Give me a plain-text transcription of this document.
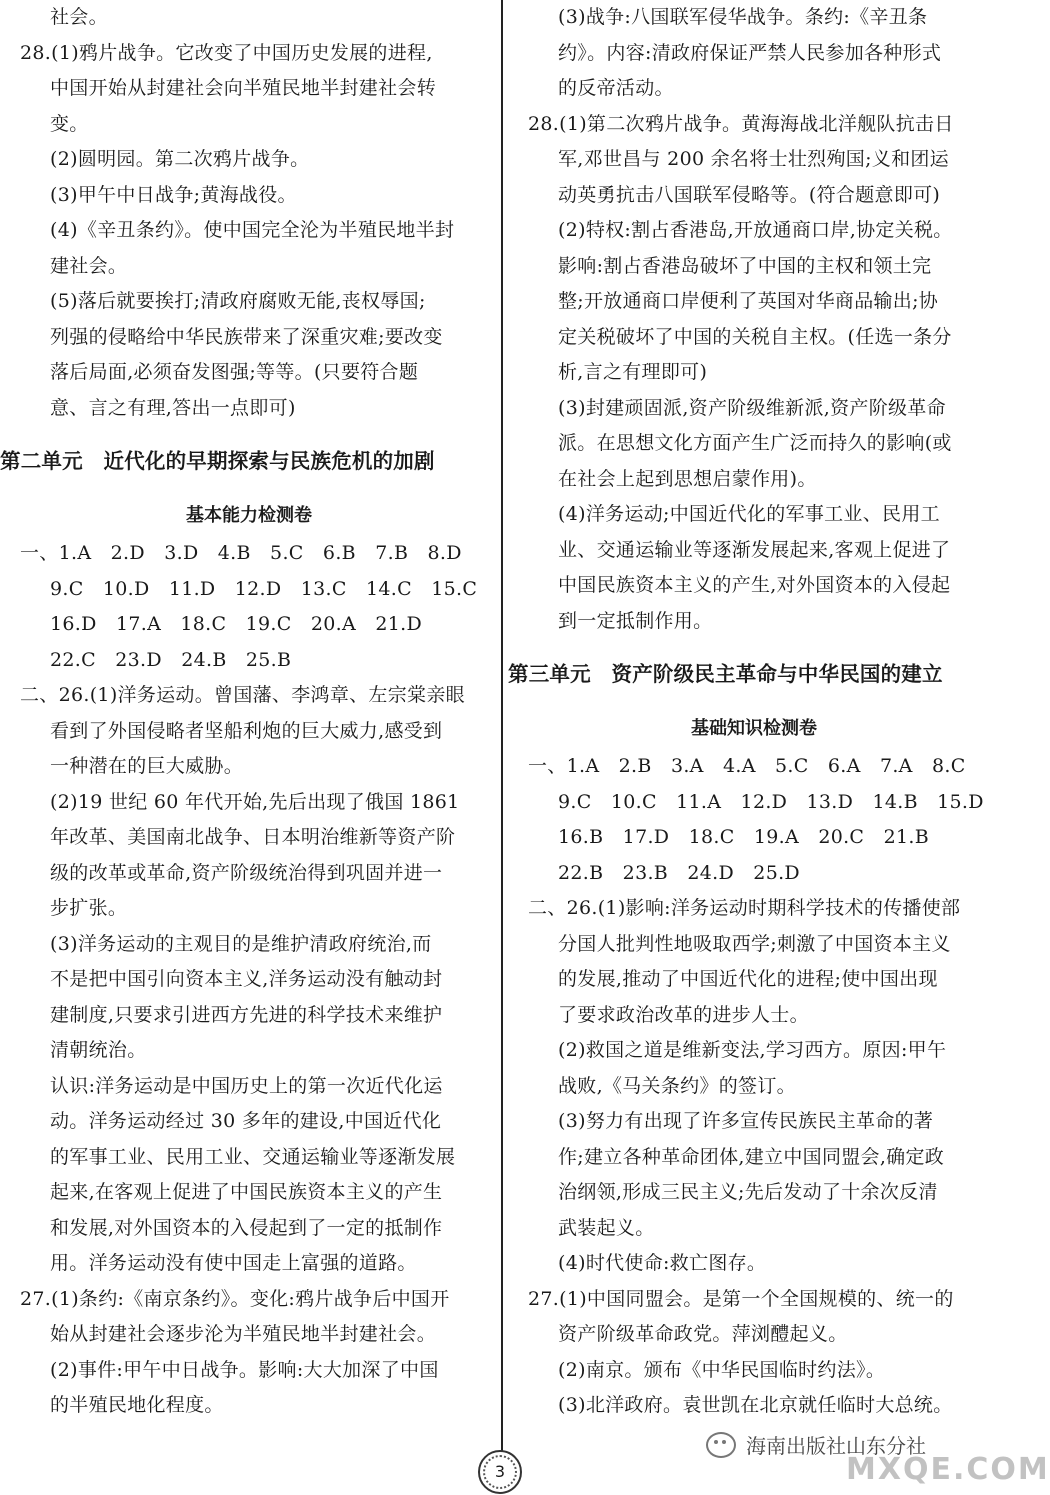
社会。
28.(1)鸦片战争。它改变了中国历史发展的进程,
中国开始从封建社会向半殖民地半封建社会转
变。
(2)圆明园。第二次鸦片战争。
(3)甲午中日战争;黄海战役。
(4)《辛丑条约》。使中国完全沦为半殖民地半封
建社会。
(5)落后就要挨打;清政府腐败无能,丧权辱国;
列强的侵略给中华民族带来了深重灾难;要改变
落后局面,必须奋发图强;等等。(只要符合题
意、言之有理,答出一点即可)
第二单元　近代化的早期探索与民族危机的加剧
基本能力检测卷
一、1.A　2.D　3.D　4.B　5.C　6.B　7.B　8.D
9.C　10.D　11.D　12.D　13.C　14.C　15.C
16.D　17.A　18.C　19.C　20.A　21.D
22.C　23.D　24.B　25.B
二、26.(1)洋务运动。曾国藩、李鸿章、左宗棠亲眼
看到了外国侵略者坚船利炮的巨大威力,感受到
一种潜在的巨大威胁。
(2)19 世纪 60 年代开始,先后出现了俄国 1861
年改革、美国南北战争、日本明治维新等资产阶
级的改革或革命,资产阶级统治得到巩固并进一
步扩张。
(3)洋务运动的主观目的是维护清政府统治,而
不是把中国引向资本主义,洋务运动没有触动封
建制度,只要求引进西方先进的科学技术来维护
清朝统治。
认识:洋务运动是中国历史上的第一次近代化运
动。洋务运动经过 30 多年的建设,中国近代化
的军事工业、民用工业、交通运输业等逐渐发展
起来,在客观上促进了中国民族资本主义的产生
和发展,对外国资本的入侵起到了一定的抵制作
用。洋务运动没有使中国走上富强的道路。
27.(1)条约:《南京条约》。变化:鸦片战争后中国开
始从封建社会逐步沦为半殖民地半封建社会。
(2)事件:甲午中日战争。影响:大大加深了中国
的半殖民地化程度。
(3)战争:八国联军侵华战争。条约:《辛丑条
约》。内容:清政府保证严禁人民参加各种形式
的反帝活动。
28.(1)第二次鸦片战争。黄海海战北洋舰队抗击日
军,邓世昌与 200 余名将士壮烈殉国;义和团运
动英勇抗击八国联军侵略等。(符合题意即可)
(2)特权:割占香港岛,开放通商口岸,协定关税。
影响:割占香港岛破坏了中国的主权和领土完
整;开放通商口岸便利了英国对华商品输出;协
定关税破坏了中国的关税自主权。(任选一条分
析,言之有理即可)
(3)封建顽固派,资产阶级维新派,资产阶级革命
派。在思想文化方面产生广泛而持久的影响(或
在社会上起到思想启蒙作用)。
(4)洋务运动;中国近代化的军事工业、民用工
业、交通运输业等逐渐发展起来,客观上促进了
中国民族资本主义的产生,对外国资本的入侵起
到一定抵制作用。
第三单元　资产阶级民主革命与中华民国的建立
基础知识检测卷
一、1.A　2.B　3.A　4.A　5.C　6.A　7.A　8.C
9.C　10.C　11.A　12.D　13.D　14.B　15.D
16.B　17.D　18.C　19.A　20.C　21.B
22.B　23.B　24.D　25.D
二、26.(1)影响:洋务运动时期科学技术的传播使部
分国人批判性地吸取西学;刺激了中国资本主义
的发展,推动了中国近代化的进程;使中国出现
了要求政治改革的进步人士。
(2)救国之道是维新变法,学习西方。原因:甲午
战败,《马关条约》的签订。
(3)努力有出现了许多宣传民族民主革命的著
作;建立各种革命团体,建立中国同盟会,确定政
治纲领,形成三民主义;先后发动了十余次反清
武装起义。
(4)时代使命:救亡图存。
27.(1)中国同盟会。是第一个全国规模的、统一的
资产阶级革命政党。萍浏醴起义。
(2)南京。颁布《中华民国临时约法》。
(3)北洋政府。袁世凯在北京就任临时大总统。
3
海南出版社山东分社
MXQE.COM
